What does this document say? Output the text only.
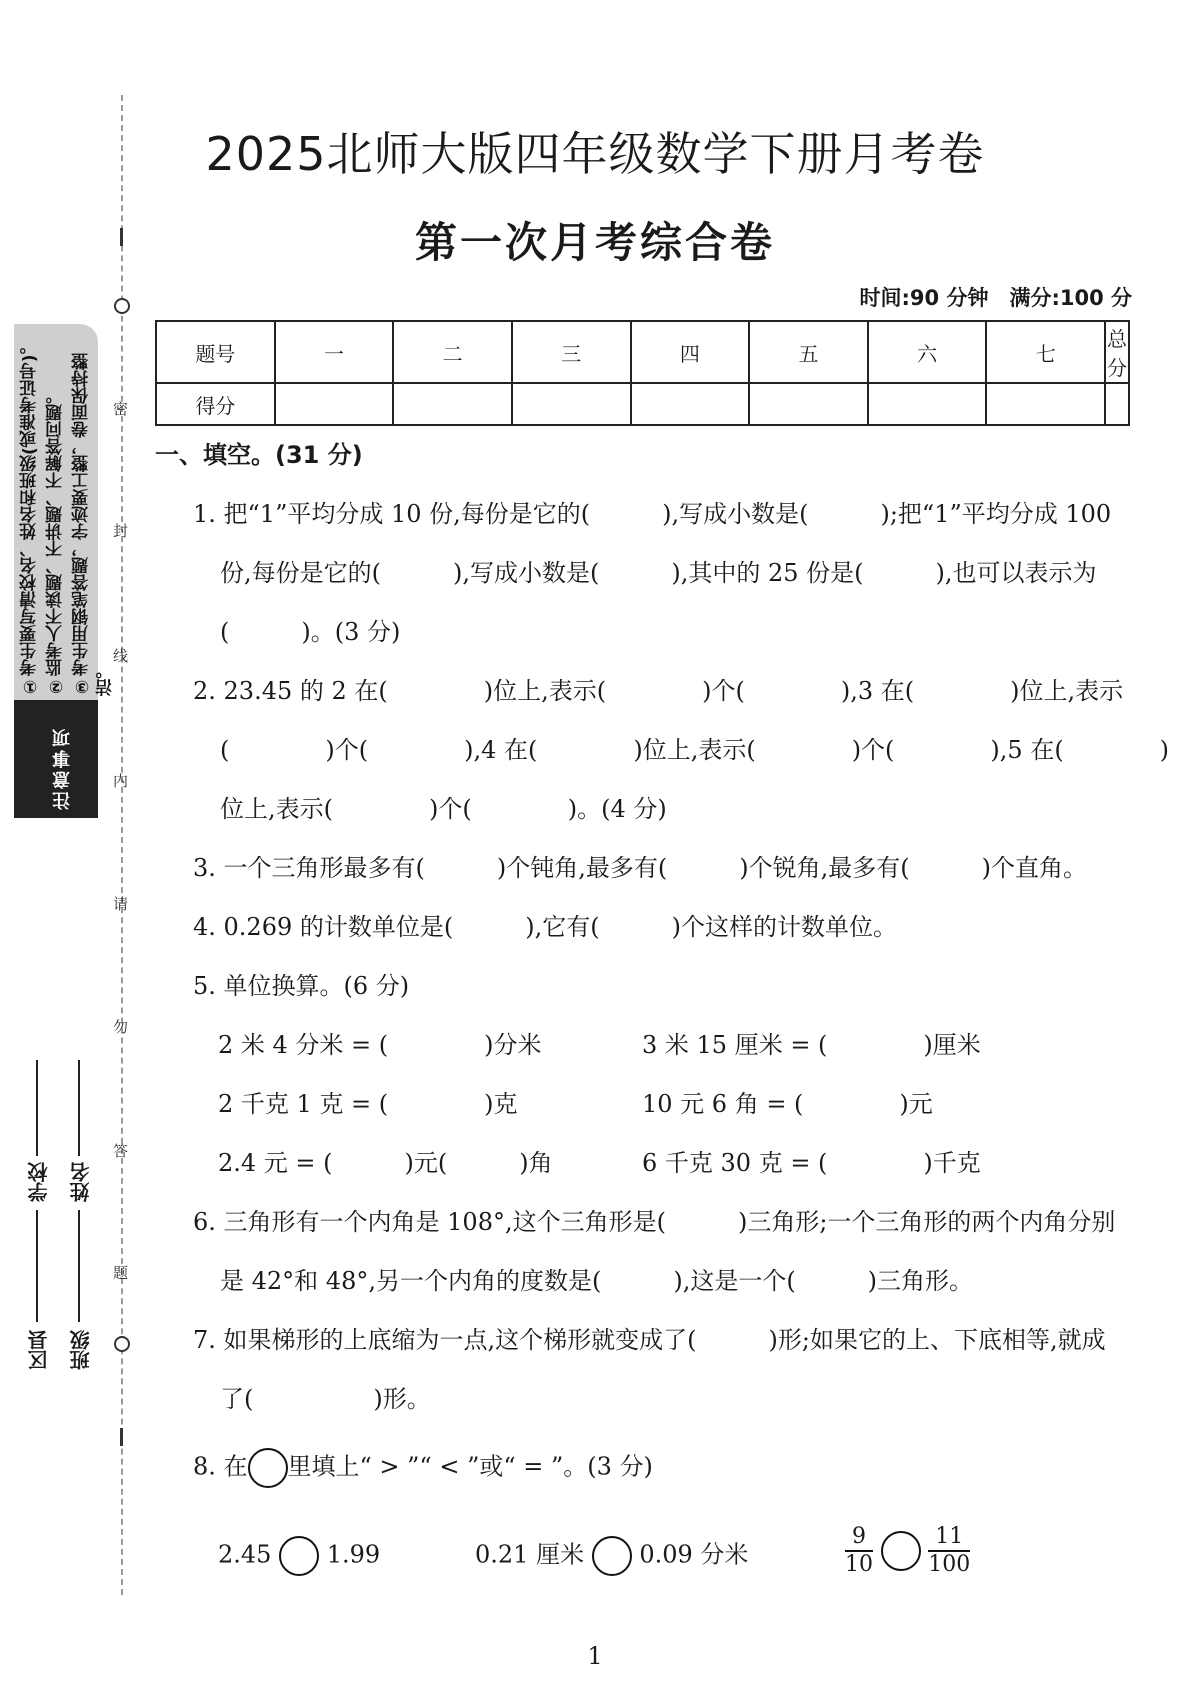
密
封
线
内
请
勿
答
题
注意事项
①考生要写清校名、姓名和班级(或准考证号)。 ②监考人不读题、不讲题、不解答问题。 ③考生用钢笔答题，字迹要工整，卷面保持整洁。
区县
学校
班级
姓名
2025北师大版四年级数学下册月考卷
第一次月考综合卷
时间:90 分钟　满分:100 分
题号	一	二	三	四	五	六	七	总分
得分								
一、填空。(31 分)
1. 把“1”平均分成 10 份,每份是它的(　　　),写成小数是(　　　);把“1”平均分成 100
份,每份是它的(　　　),写成小数是(　　　),其中的 25 份是(　　　),也可以表示为
(　　　)。(3 分)
2. 23.45 的 2 在(　　　　)位上,表示(　　　　)个(　　　　),3 在(　　　　)位上,表示
(　　　　)个(　　　　),4 在(　　　　)位上,表示(　　　　)个(　　　　),5 在(　　　　)
位上,表示(　　　　)个(　　　　)。(4 分)
3. 一个三角形最多有(　　　)个钝角,最多有(　　　)个锐角,最多有(　　　)个直角。
4. 0.269 的计数单位是(　　　),它有(　　　)个这样的计数单位。
5. 单位换算。(6 分)
2 米 4 分米 = (　　　　)分米	3 米 15 厘米 = (　　　　)厘米
2 千克 1 克 = (　　　　)克	10 元 6 角 = (　　　　)元
2.4 元 = (　　　)元(　　　)角	6 千克 30 克 = (　　　　)千克
6. 三角形有一个内角是 108°,这个三角形是(　　　)三角形;一个三角形的两个内角分别
是 42°和 48°,另一个内角的度数是(　　　),这是一个(　　　)三角形。
7. 如果梯形的上底缩为一点,这个梯形就变成了(　　　)形;如果它的上、下底相等,就成
了(　　　　　)形。
8. 在 里填上“ > ”“ < ”或“ = ”。(3 分)
2.45 1.99	0.21 厘米 0.09 分米	$\frac{9}{10}$
	$\frac{11}{100}$
1
